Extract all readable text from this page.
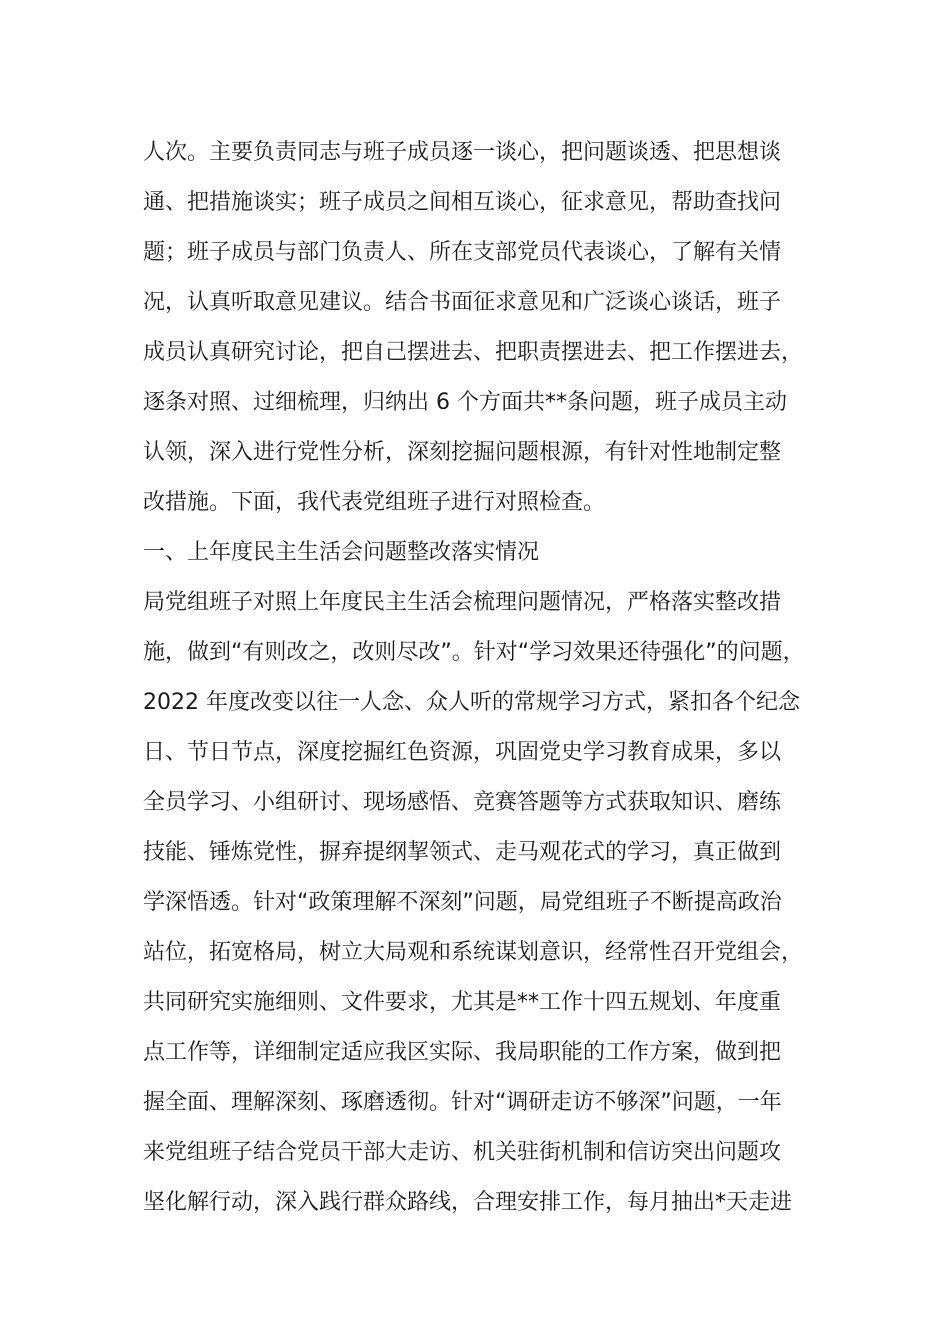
人次。主要负责同志与班子成员逐一谈心，把问题谈透、把思想谈
通、把措施谈实；班子成员之间相互谈心，征求意见，帮助查找问
题；班子成员与部门负责人、所在支部党员代表谈心，了解有关情
况，认真听取意见建议。结合书面征求意见和广泛谈心谈话，班子
成员认真研究讨论，把自己摆进去、把职责摆进去、把工作摆进去，
逐条对照、过细梳理，归纳出 6 个方面共**条问题，班子成员主动
认领，深入进行党性分析，深刻挖掘问题根源，有针对性地制定整
改措施。下面，我代表党组班子进行对照检查。
一、上年度民主生活会问题整改落实情况
局党组班子对照上年度民主生活会梳理问题情况，严格落实整改措
施，做到“有则改之，改则尽改”。针对“学习效果还待强化”的问题，
2022 年度改变以往一人念、众人听的常规学习方式，紧扣各个纪念
日、节日节点，深度挖掘红色资源，巩固党史学习教育成果，多以
全员学习、小组研讨、现场感悟、竞赛答题等方式获取知识、磨练
技能、锤炼党性，摒弃提纲挈领式、走马观花式的学习，真正做到
学深悟透。针对“政策理解不深刻”问题，局党组班子不断提高政治
站位，拓宽格局，树立大局观和系统谋划意识，经常性召开党组会，
共同研究实施细则、文件要求，尤其是**工作十四五规划、年度重
点工作等，详细制定适应我区实际、我局职能的工作方案，做到把
握全面、理解深刻、琢磨透彻。针对“调研走访不够深”问题，一年
来党组班子结合党员干部大走访、机关驻街机制和信访突出问题攻
坚化解行动，深入践行群众路线，合理安排工作，每月抽出*天走进
